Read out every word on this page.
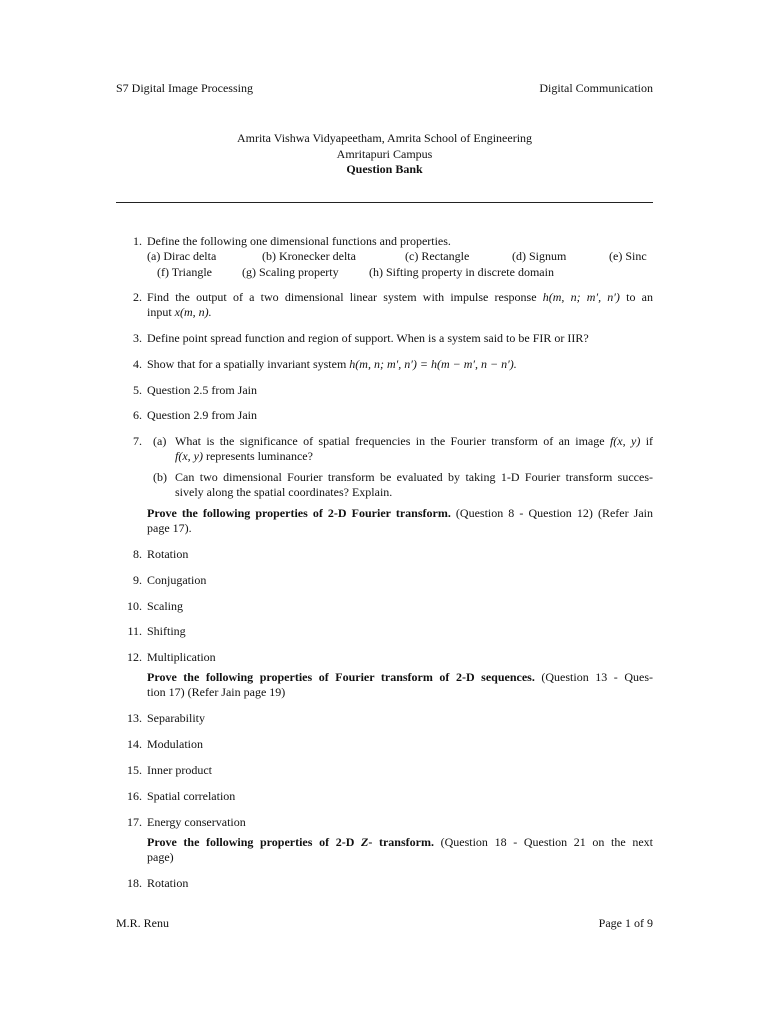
S7 Digital Image Processing	Digital Communication
Amrita Vishwa Vidyapeetham, Amrita School of Engineering
Amritapuri Campus
Question Bank
1. Define the following one dimensional functions and properties.
(a) Dirac delta	(b) Kronecker delta	(c) Rectangle	(d) Signum	(e) Sinc
(f) Triangle	(g) Scaling property	(h) Sifting property in discrete domain
2. Find the output of a two dimensional linear system with impulse response h(m, n; m′, n′) to an
input x(m, n).
3. Define point spread function and region of support. When is a system said to be FIR or IIR?
4. Show that for a spatially invariant system h(m, n; m′, n′) = h(m − m′, n − n′).
5. Question 2.5 from Jain
6. Question 2.9 from Jain
7. (a) What is the significance of spatial frequencies in the Fourier transform of an image f(x, y) if
f(x, y) represents luminance?
(b) Can two dimensional Fourier transform be evaluated by taking 1-D Fourier transform succes-
sively along the spatial coordinates? Explain.
Prove the following properties of 2-D Fourier transform. (Question 8 - Question 12) (Refer Jain
page 17).
8. Rotation
9. Conjugation
10. Scaling
11. Shifting
12. Multiplication
Prove the following properties of Fourier transform of 2-D sequences. (Question 13 - Ques-
tion 17) (Refer Jain page 19)
13. Separability
14. Modulation
15. Inner product
16. Spatial correlation
17. Energy conservation
Prove the following properties of 2-D Z- transform. (Question 18 - Question 21 on the next
page)
18. Rotation
M.R. Renu	Page 1 of 9
